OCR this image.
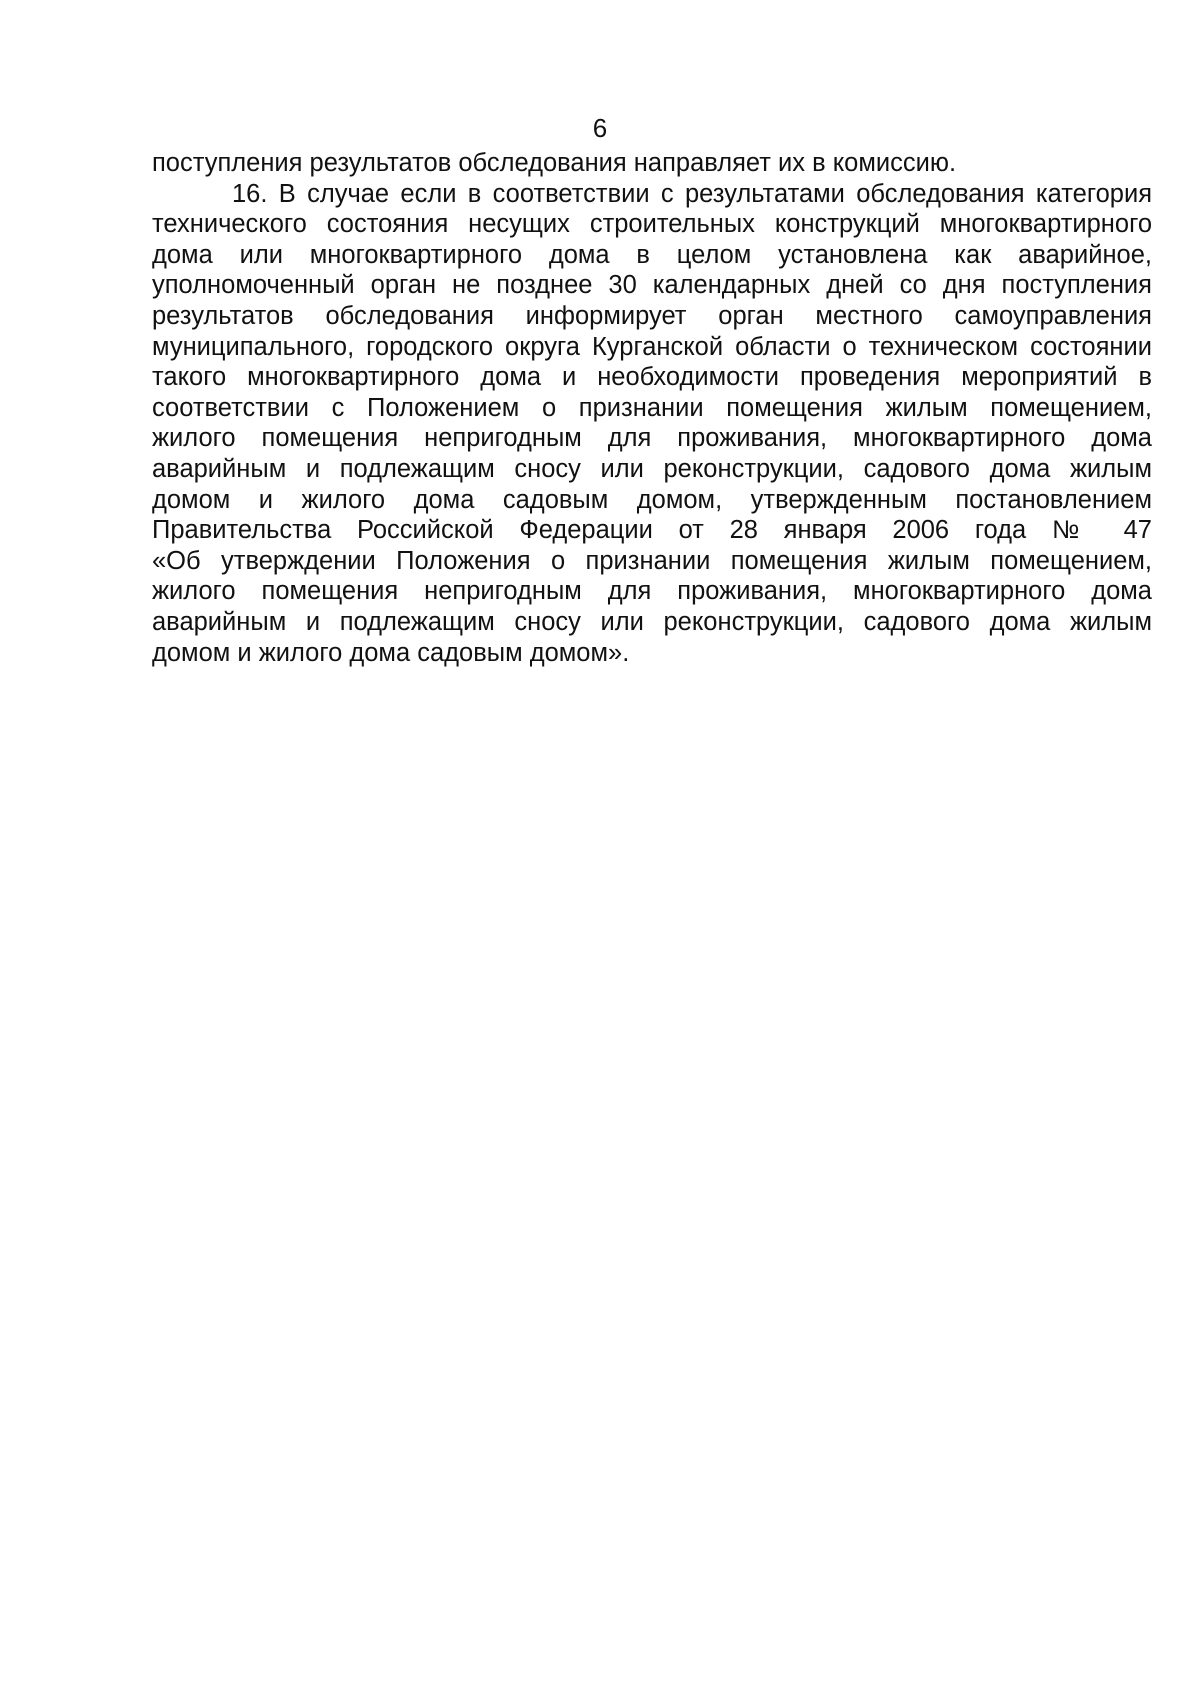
6
поступления результатов обследования направляет их в комиссию.
16. В случае если в соответствии с результатами обследования категория
технического состояния несущих строительных конструкций многоквартирного
дома или многоквартирного дома в целом установлена как аварийное,
уполномоченный орган не позднее 30 календарных дней со дня поступления
результатов обследования информирует орган местного самоуправления
муниципального, городского округа Курганской области о техническом состоянии
такого многоквартирного дома и необходимости проведения мероприятий в
соответствии с Положением о признании помещения жилым помещением,
жилого помещения непригодным для проживания, многоквартирного дома
аварийным и подлежащим сносу или реконструкции, садового дома жилым
домом и жилого дома садовым домом, утвержденным постановлением
Правительства Российской Федерации от 28 января 2006 года № 47
«Об утверждении Положения о признании помещения жилым помещением,
жилого помещения непригодным для проживания, многоквартирного дома
аварийным и подлежащим сносу или реконструкции, садового дома жилым
домом и жилого дома садовым домом».
